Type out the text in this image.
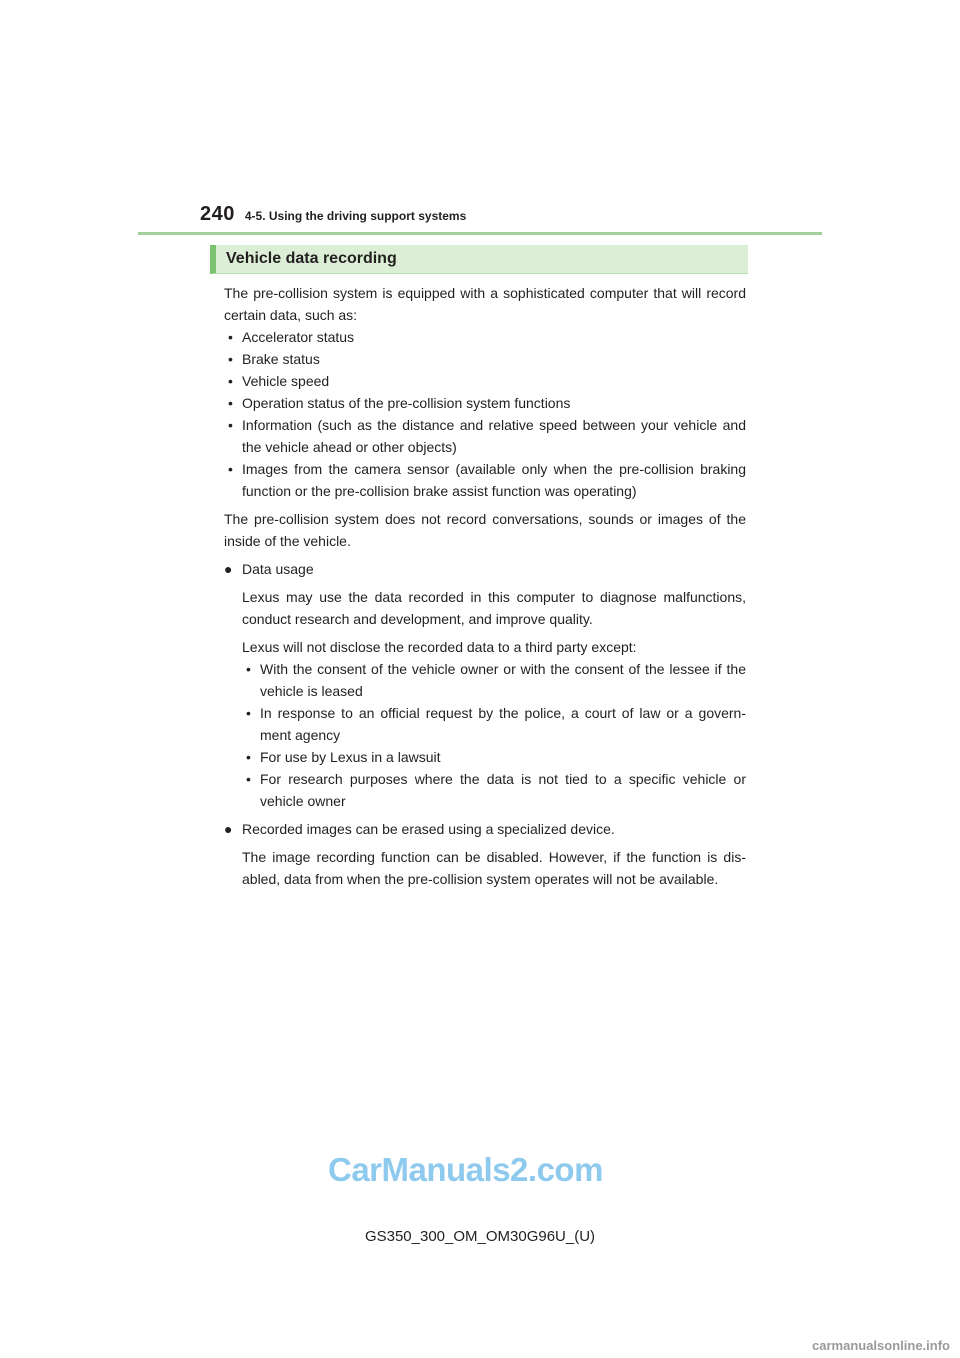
240 4-5. Using the driving support systems
Vehicle data recording

The pre-collision system is equipped with a sophisticated computer that will record certain data, such as:

• Accelerator status
• Brake status
• Vehicle speed
• Operation status of the pre-collision system functions
• Information (such as the distance and relative speed between your vehicle and the vehicle ahead or other objects)
• Images from the camera sensor (available only when the pre-collision braking function or the pre-collision brake assist function was operating)

The pre-collision system does not record conversations, sounds or images of the inside of the vehicle.

● Data usage

Lexus may use the data recorded in this computer to diagnose malfunctions, conduct research and development, and improve quality.

Lexus will not disclose the recorded data to a third party except:

• With the consent of the vehicle owner or with the consent of the lessee if the vehicle is leased
• In response to an official request by the police, a court of law or a govern-ment agency
• For use by Lexus in a lawsuit
• For research purposes where the data is not tied to a specific vehicle or vehicle owner
● Recorded images can be erased using a specialized device.

The image recording function can be disabled. However, if the function is dis-abled, data from when the pre-collision system operates will not be available.

CarManuals2.com
GS350_300_OM_OM30G96U_(U)
carmanualsonline.info
